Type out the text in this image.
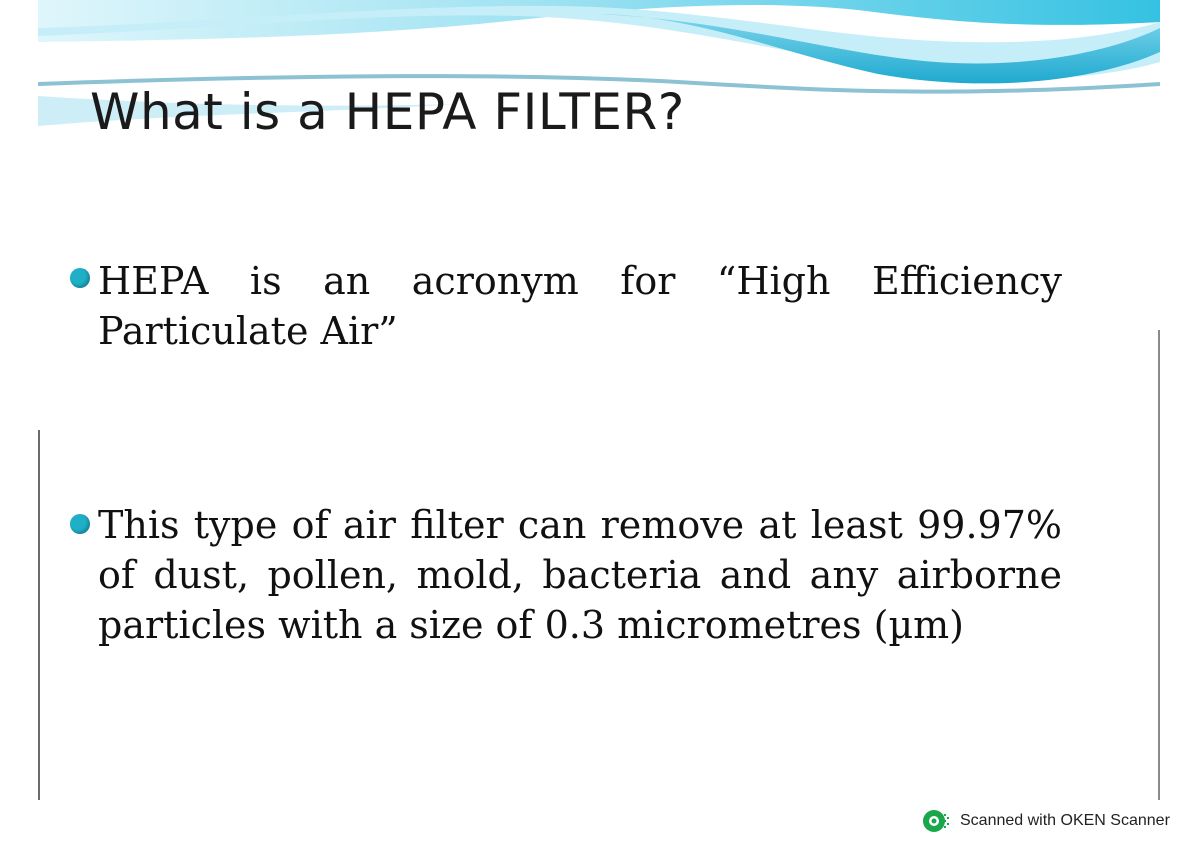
What is a HEPA FILTER?
HEPA is an acronym for “High Efficiency Particulate Air”
This type of air filter can remove at least 99.97% of dust, pollen, mold, bacteria and any airborne particles with a size of 0.3 micrometres (µm)
Scanned with OKEN Scanner
